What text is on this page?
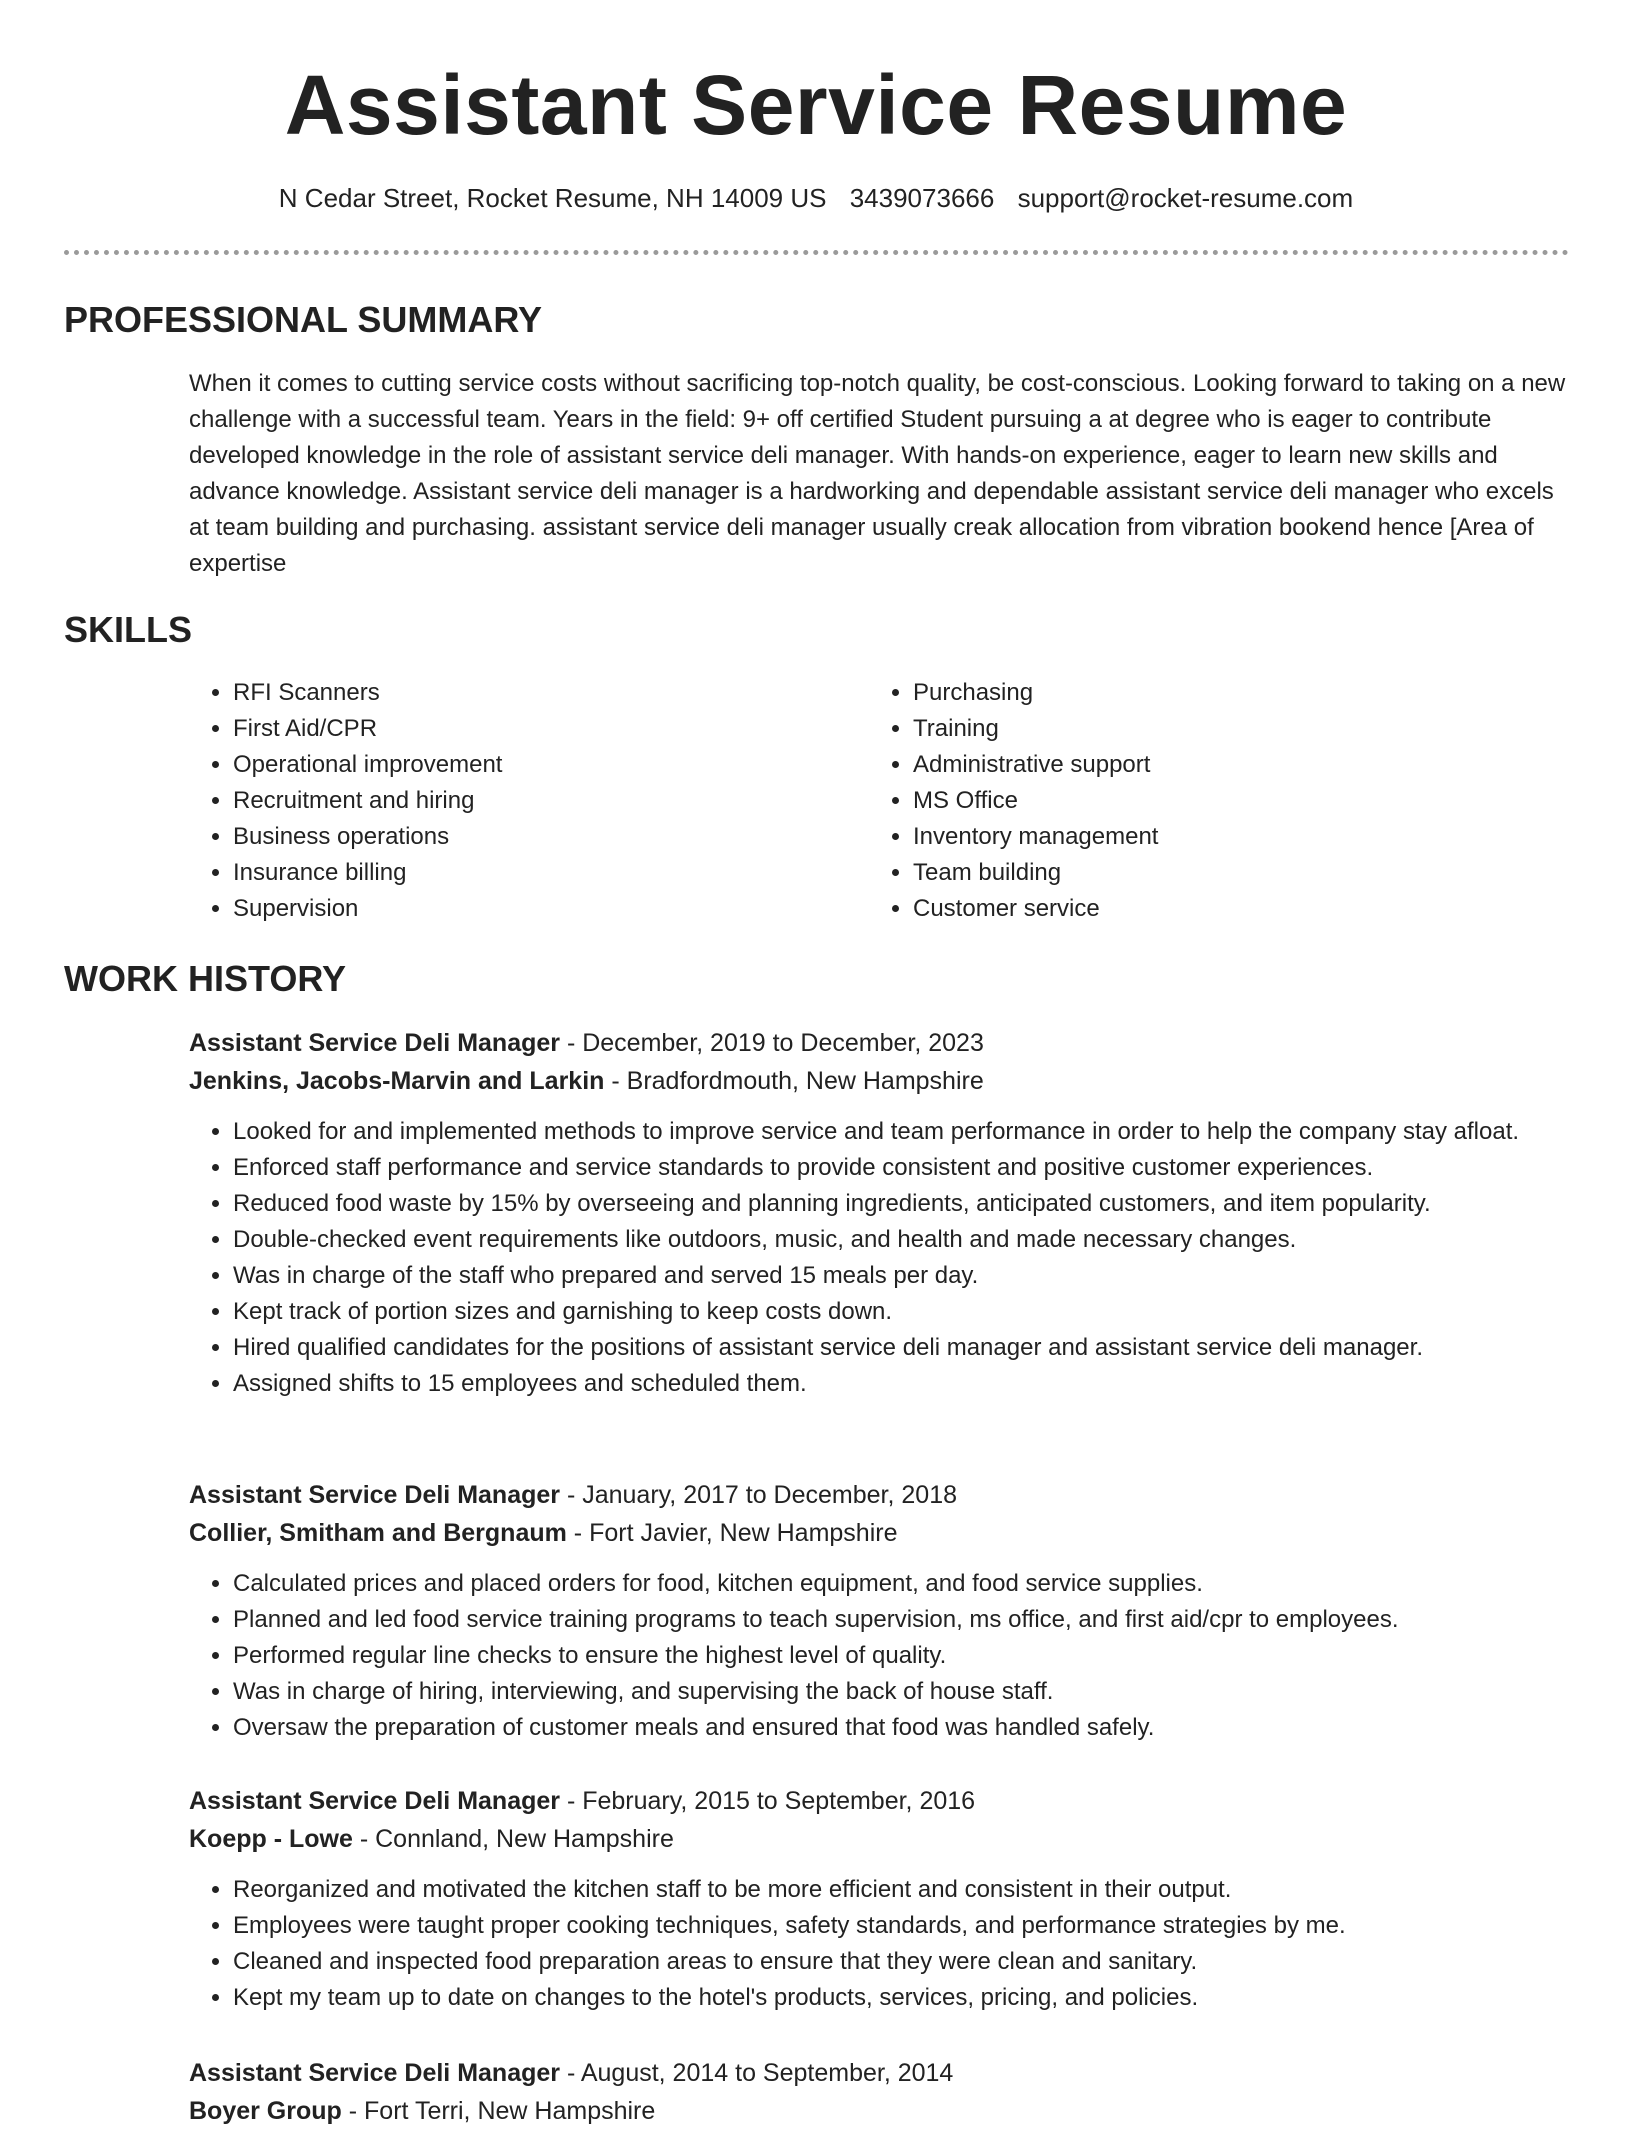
Assistant Service Resume
N Cedar Street, Rocket Resume, NH 14009 US 3439073666 support@rocket-resume.com
PROFESSIONAL SUMMARY
When it comes to cutting service costs without sacrificing top-notch quality, be cost-conscious. Looking forward to taking on a new challenge with a successful team. Years in the field: 9+ off certified Student pursuing a at degree who is eager to contribute developed knowledge in the role of assistant service deli manager. With hands-on experience, eager to learn new skills and advance knowledge. Assistant service deli manager is a hardworking and dependable assistant service deli manager who excels at team building and purchasing. assistant service deli manager usually creak allocation from vibration bookend hence [Area of expertise
SKILLS
• RFI Scanners
• First Aid/CPR
• Operational improvement
• Recruitment and hiring
• Business operations
• Insurance billing
• Supervision
• Purchasing
• Training
• Administrative support
• MS Office
• Inventory management
• Team building
• Customer service
WORK HISTORY
Assistant Service Deli Manager - December, 2019 to December, 2023
Jenkins, Jacobs-Marvin and Larkin - Bradfordmouth, New Hampshire
• Looked for and implemented methods to improve service and team performance in order to help the company stay afloat.
• Enforced staff performance and service standards to provide consistent and positive customer experiences.
• Reduced food waste by 15% by overseeing and planning ingredients, anticipated customers, and item popularity.
• Double-checked event requirements like outdoors, music, and health and made necessary changes.
• Was in charge of the staff who prepared and served 15 meals per day.
• Kept track of portion sizes and garnishing to keep costs down.
• Hired qualified candidates for the positions of assistant service deli manager and assistant service deli manager.
• Assigned shifts to 15 employees and scheduled them.
Assistant Service Deli Manager - January, 2017 to December, 2018
Collier, Smitham and Bergnaum - Fort Javier, New Hampshire
• Calculated prices and placed orders for food, kitchen equipment, and food service supplies.
• Planned and led food service training programs to teach supervision, ms office, and first aid/cpr to employees.
• Performed regular line checks to ensure the highest level of quality.
• Was in charge of hiring, interviewing, and supervising the back of house staff.
• Oversaw the preparation of customer meals and ensured that food was handled safely.
Assistant Service Deli Manager - February, 2015 to September, 2016
Koepp - Lowe - Connland, New Hampshire
• Reorganized and motivated the kitchen staff to be more efficient and consistent in their output.
• Employees were taught proper cooking techniques, safety standards, and performance strategies by me.
• Cleaned and inspected food preparation areas to ensure that they were clean and sanitary.
• Kept my team up to date on changes to the hotel's products, services, pricing, and policies.
Assistant Service Deli Manager - August, 2014 to September, 2014
Boyer Group - Fort Terri, New Hampshire
